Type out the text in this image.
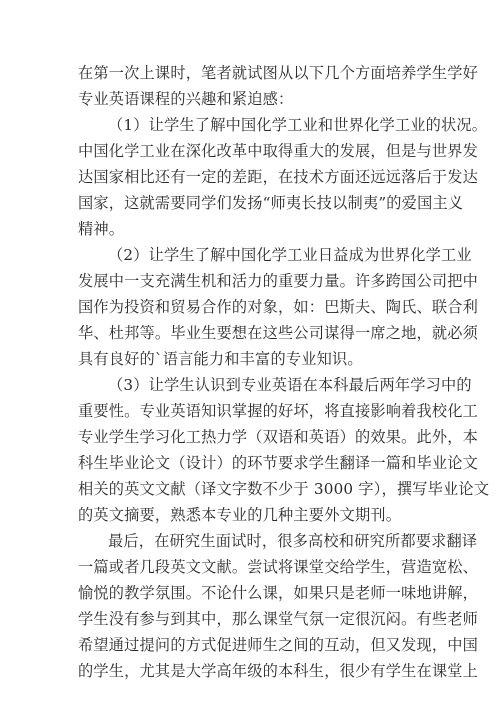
在第一次上课时，笔者就试图从以下几个方面培养学生学好
专业英语课程的兴趣和紧迫感：
（1）让学生了解中国化学工业和世界化学工业的状况。
中国化学工业在深化改革中取得重大的发展，但是与世界发
达国家相比还有一定的差距，在技术方面还远远落后于发达
国家，这就需要同学们发扬“师夷长技以制夷”的爱国主义
精神。
（2）让学生了解中国化学工业日益成为世界化学工业
发展中一支充满生机和活力的重要力量。许多跨国公司把中
国作为投资和贸易合作的对象，如：巴斯夫、陶氏、联合利
华、杜邦等。毕业生要想在这些公司谋得一席之地，就必须
具有良好的`语言能力和丰富的专业知识。
（3）让学生认识到专业英语在本科最后两年学习中的
重要性。专业英语知识掌握的好坏，将直接影响着我校化工
专业学生学习化工热力学（双语和英语）的效果。此外，本
科生毕业论文（设计）的环节要求学生翻译一篇和毕业论文
相关的英文文献（译文字数不少于 3000 字），撰写毕业论文
的英文摘要，熟悉本专业的几种主要外文期刊。
最后，在研究生面试时，很多高校和研究所都要求翻译
一篇或者几段英文文献。尝试将课堂交给学生，营造宽松、
愉悦的教学氛围。不论什么课，如果只是老师一味地讲解，
学生没有参与到其中，那么课堂气氛一定很沉闷。有些老师
希望通过提问的方式促进师生之间的互动，但又发现，中国
的学生，尤其是大学高年级的本科生，很少有学生在课堂上
